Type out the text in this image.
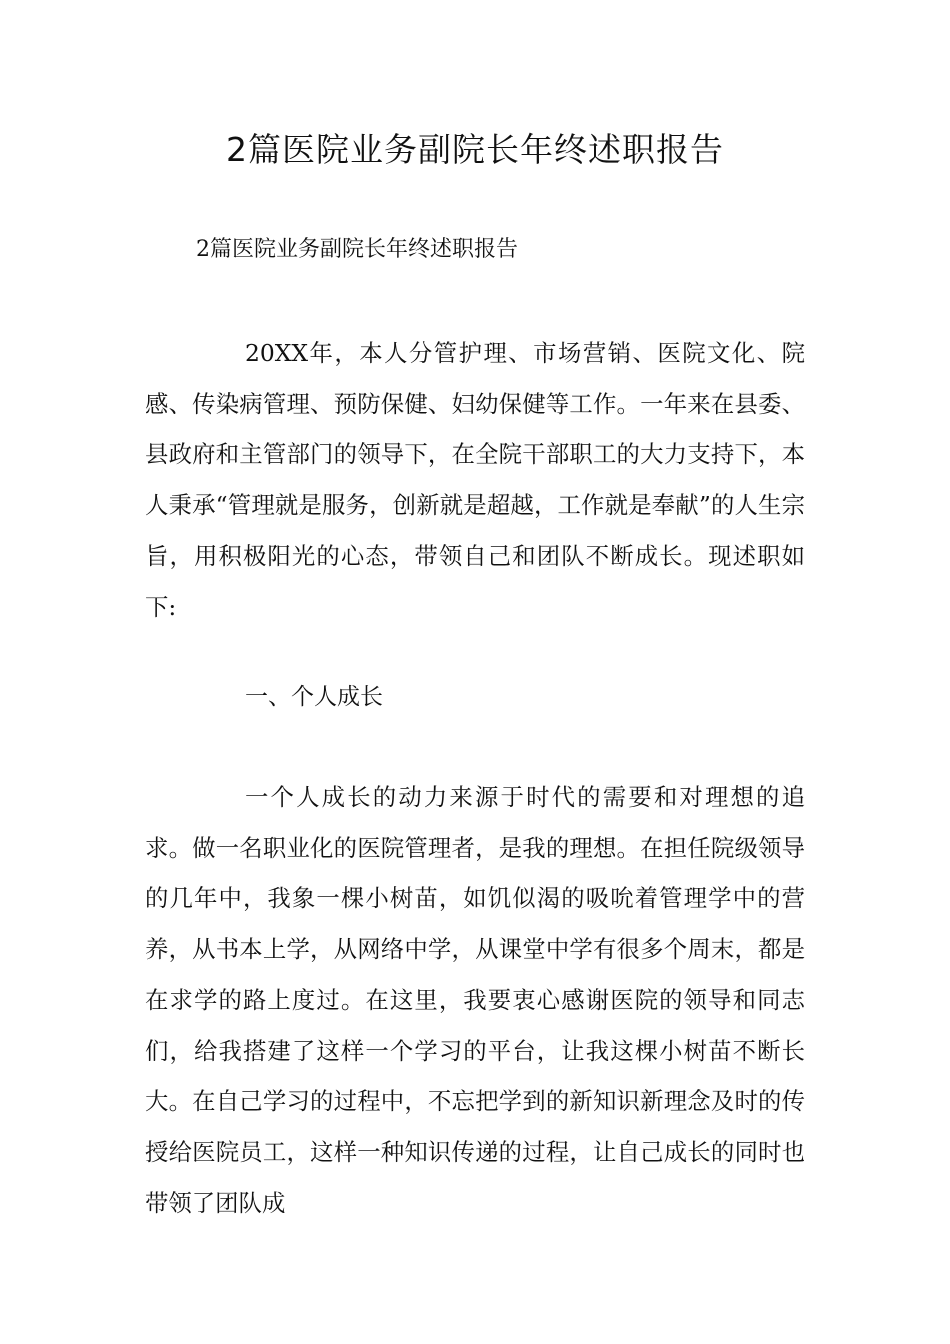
2篇医院业务副院长年终述职报告

2篇医院业务副院长年终述职报告

20XX年，本人分管护理、市场营销、医院文化、院感、传染病管理、预防保健、妇幼保健等工作。一年来在县委、县政府和主管部门的领导下，在全院干部职工的大力支持下，本人秉承“管理就是服务，创新就是超越，工作就是奉献”的人生宗旨，用积极阳光的心态，带领自己和团队不断成长。现述职如下:

一、个人成长

一个人成长的动力来源于时代的需要和对理想的追求。做一名职业化的医院管理者，是我的理想。在担任院级领导的几年中，我象一棵小树苗，如饥似渴的吸吮着管理学中的营养，从书本上学，从网络中学，从课堂中学有很多个周末，都是在求学的路上度过。在这里，我要衷心感谢医院的领导和同志们，给我搭建了这样一个学习的平台，让我这棵小树苗不断长大。在自己学习的过程中，不忘把学到的新知识新理念及时的传授给医院员工，这样一种知识传递的过程，让自己成长的同时也带领了团队成
